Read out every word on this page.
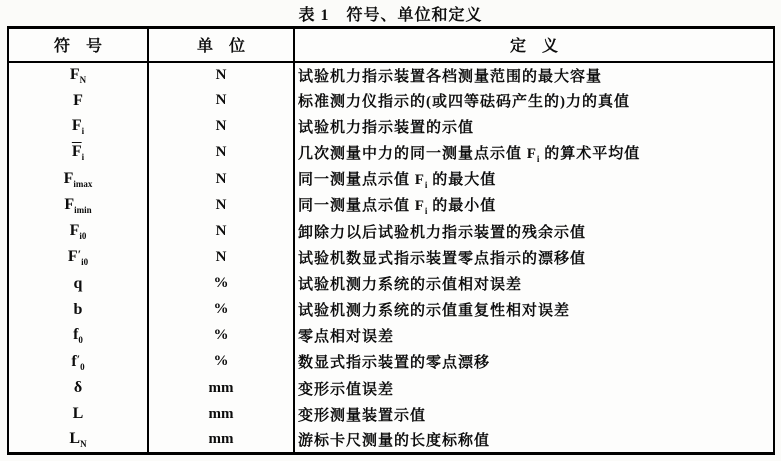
表 1　符号、单位和定义
符　号	单　位	定　义
$F_N$	N	试验机力指示装置各档测量范围的最大容量
F	N	标准测力仪指示的(或四等砝码产生的)力的真值
$F_i$	N	试验机力指示装置的示值
$\overline{F}_i$	N	几次测量中力的同一测量点示值 $F_i$ 的算术平均值
$F_{imax}$	N	同一测量点示值 $F_i$ 的最大值
$F_{imin}$	N	同一测量点示值 $F_i$ 的最小值
$F_{i0}$	N	卸除力以后试验机力指示装置的残余示值
$F'_{i0}$	N	试验机数显式指示装置零点指示的漂移值
q	%	试验机测力系统的示值相对误差
b	%	试验机测力系统的示值重复性相对误差
$f_0$	%	零点相对误差
$f'_0$	%	数显式指示装置的零点漂移
δ	mm	变形示值误差
L	mm	变形测量装置示值
$L_N$	mm	游标卡尺测量的长度标称值
